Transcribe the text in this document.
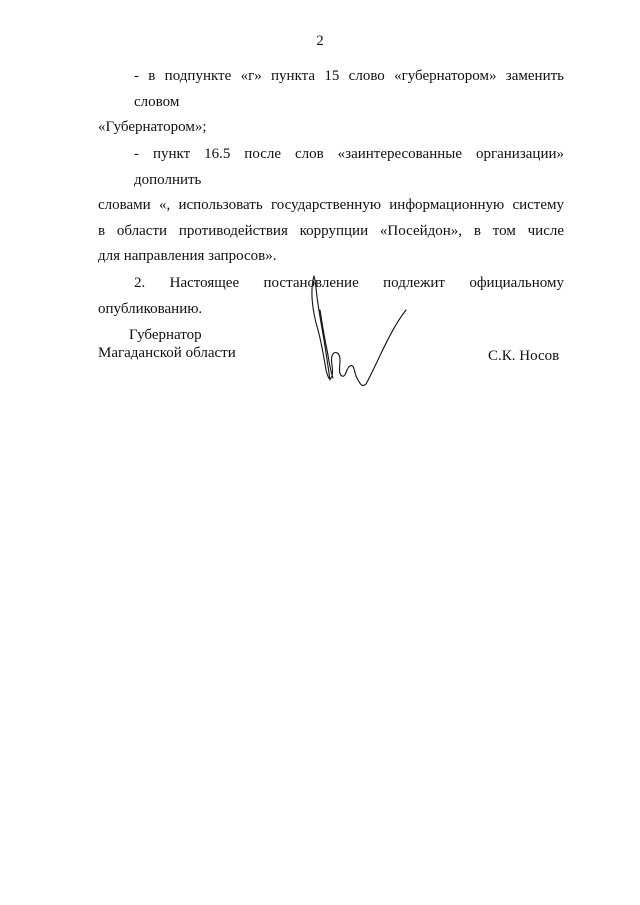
2

- в подпункте «г» пункта 15 слово «губернатором» заменить словом
«Губернатором»;

- пункт 16.5 после слов «заинтересованные организации» дополнить
словами «, использовать государственную информационную систему
в области противодействия коррупции «Посейдон», в том числе
для направления запросов».

2. Настоящее постановление подлежит официальному
опубликованию.

Губернатор
Магаданской области	С.К. Носов
